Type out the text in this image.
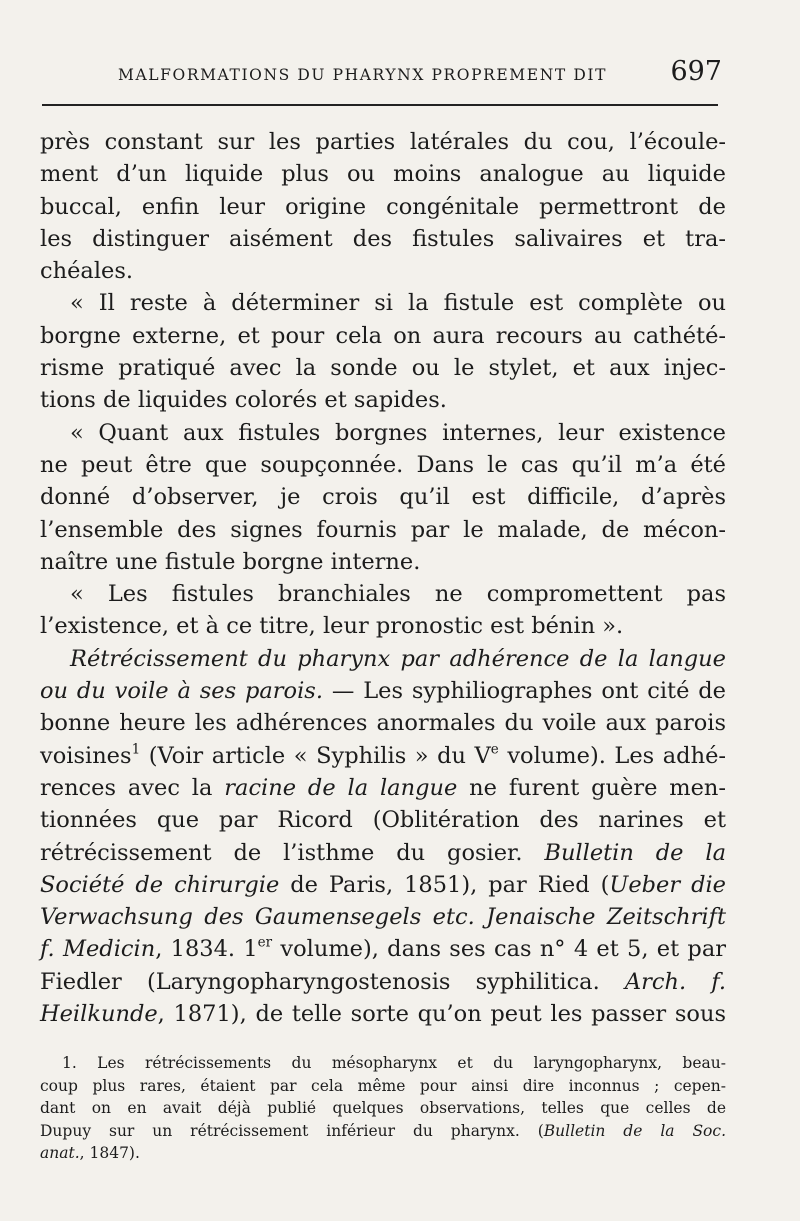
MALFORMATIONS DU PHARYNX PROPREMENT DIT 697
près constant sur les parties latérales du cou, l’écoule-
ment d’un liquide plus ou moins analogue au liquide
buccal, enfin leur origine congénitale permettront de
les distinguer aisément des fistules salivaires et tra-
chéales.
« Il reste à déterminer si la fistule est complète ou
borgne externe, et pour cela on aura recours au cathété-
risme pratiqué avec la sonde ou le stylet, et aux injec-
tions de liquides colorés et sapides.
« Quant aux fistules borgnes internes, leur existence
ne peut être que soupçonnée. Dans le cas qu’il m’a été
donné d’observer, je crois qu’il est difficile, d’après
l’ensemble des signes fournis par le malade, de mécon-
naître une fistule borgne interne.
« Les fistules branchiales ne compromettent pas
l’existence, et à ce titre, leur pronostic est bénin ».
Rétrécissement du pharynx par adhérence de la langue
ou du voile à ses parois. — Les syphiliographes ont cité de
bonne heure les adhérences anormales du voile aux parois
voisines$^1$ (Voir article « Syphilis » du Ve volume). Les adhé-
rences avec la racine de la langue ne furent guère men-
tionnées que par Ricord (Oblitération des narines et
rétrécissement de l’isthme du gosier. Bulletin de la
Société de chirurgie de Paris, 1851), par Ried (Ueber die
Verwachsung des Gaumensegels etc. Jenaische Zeitschrift
f. Medicin, 1834. 1er volume), dans ses cas n° 4 et 5, et par
Fiedler (Laryngopharyngostenosis syphilitica. Arch. f.
Heilkunde, 1871), de telle sorte qu’on peut les passer sous
1. Les rétrécissements du mésopharynx et du laryngopharynx, beau-
coup plus rares, étaient par cela même pour ainsi dire inconnus ; cepen-
dant on en avait déjà publié quelques observations, telles que celles de
Dupuy sur un rétrécissement inférieur du pharynx. (Bulletin de la Soc.
anat., 1847).
